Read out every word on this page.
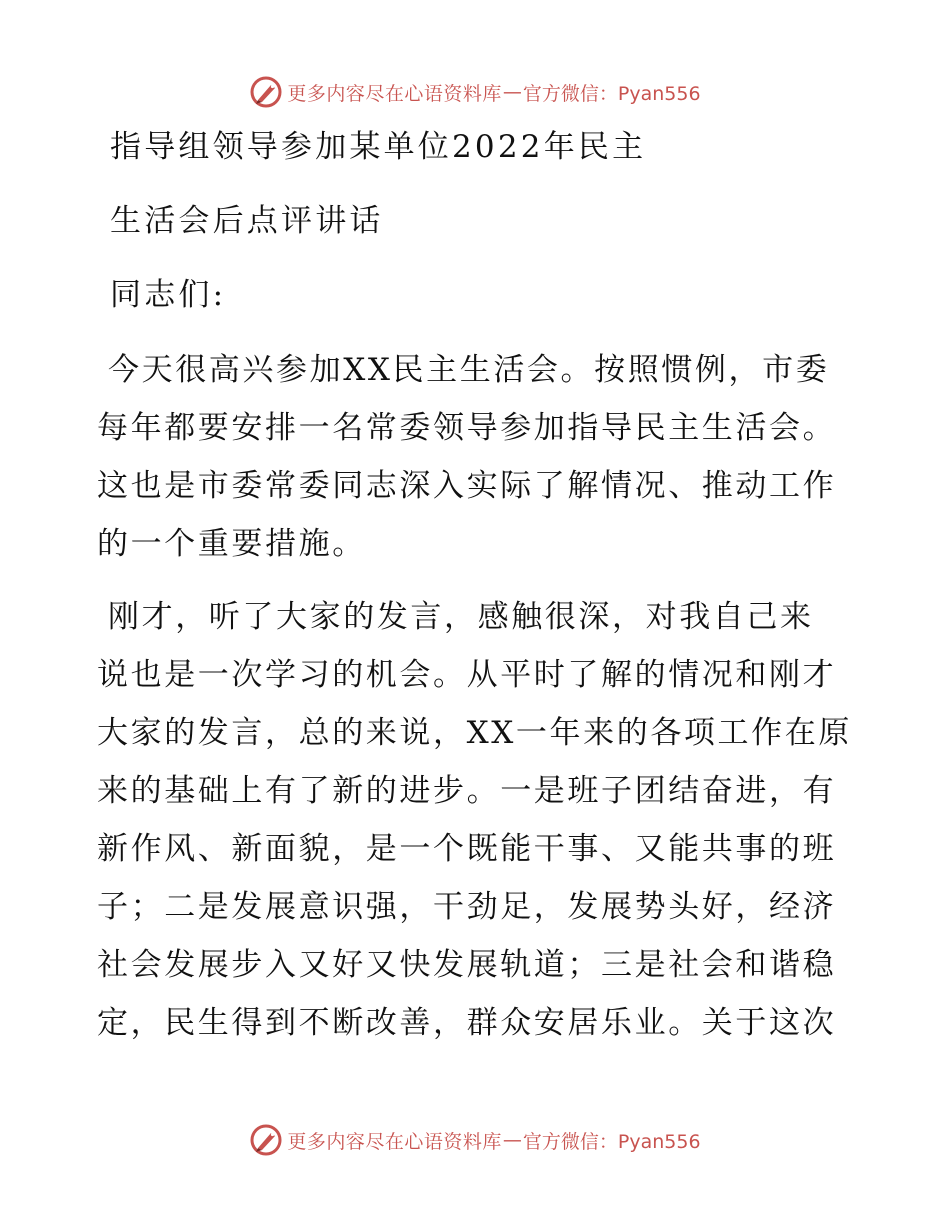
更多内容尽在心语资料库 — 官方微信：Pyan556
指导组领导参加某单位2022年民主
生活会后点评讲话
同志们:
今天很高兴参加XX民主生活会。按照惯例，市委
每年都要安排一名常委领导参加指导民主生活会。
这也是市委常委同志深入实际了解情况、推动工作
的一个重要措施。
刚才，听了大家的发言，感触很深，对我自己来
说也是一次学习的机会。从平时了解的情况和刚才
大家的发言，总的来说，XX一年来的各项工作在原
来的基础上有了新的进步。一是班子团结奋进，有
新作风、新面貌，是一个既能干事、又能共事的班
子；二是发展意识强，干劲足，发展势头好，经济
社会发展步入又好又快发展轨道；三是社会和谐稳
定，民生得到不断改善，群众安居乐业。关于这次
更多内容尽在心语资料库 — 官方微信：Pyan556
